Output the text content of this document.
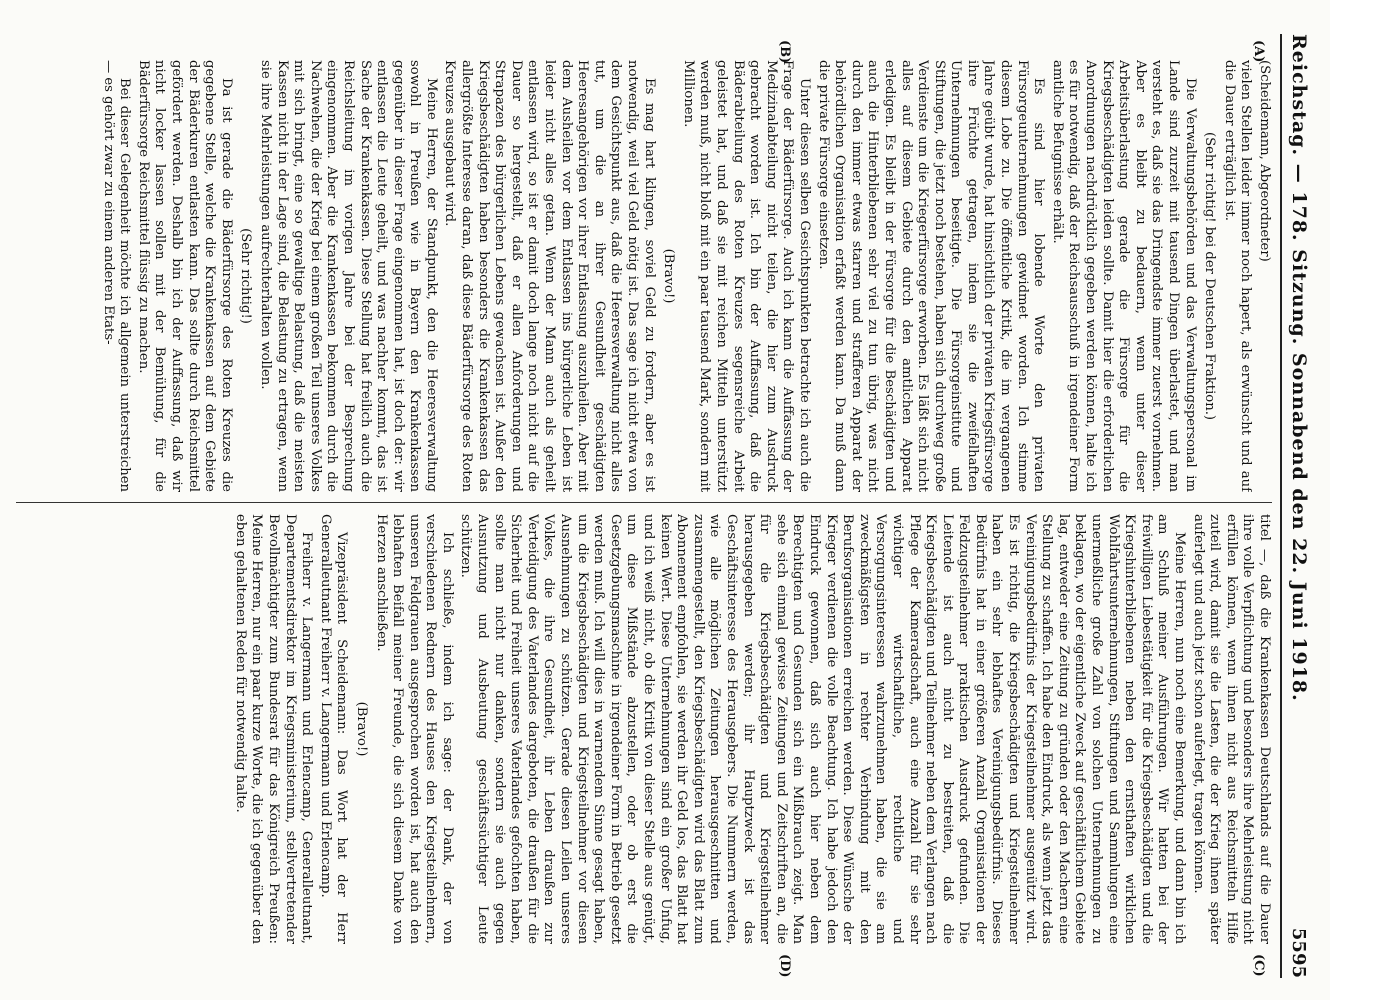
Reichstag. — 178. Sitzung. Sonnabend den 22. Juni 1918.
5595
(A)
(B)
(C)
(D)

(Scheidemann, Abgeordneter)

vielen Stellen leider immer noch hapert, als erwünscht und auf die Dauer erträglich ist.

(Sehr richtig! bei der Deutschen Fraktion.)

Die Verwaltungsbehörden und das Verwaltungspersonal im Lande sind zurzeit mit tausend Dingen überlastet, und man versteht es, daß sie das Dringendste immer zuerst vornehmen. Aber es bleibt zu bedauern, wenn unter dieser Arbeitsüberlastung gerade die Fürsorge für die Kriegsbeschädigten leiden sollte. Damit hier die erforderlichen Anordnungen nachdrücklich gegeben werden können, halte ich es für notwendig, daß der Reichsausschuß in irgendeiner Form amtliche Befugnisse erhält.

Es sind hier lobende Worte den privaten Fürsorgeunternehmungen gewidmet worden. Ich stimme diesem Lobe zu. Die öffentliche Kritik, die im vergangenen Jahre geübt wurde, hat hinsichtlich der privaten Kriegsfürsorge ihre Früchte getragen, indem sie die zweifelhaften Unternehmungen beseitigte. Die Fürsorgeinstitute und Stiftungen, die jetzt noch bestehen, haben sich durchweg große Verdienste um die Kriegerfürsorge erworben. Es läßt sich nicht alles auf diesem Gebiete durch den amtlichen Apparat erledigen. Es bleibt in der Fürsorge für die Beschädigten und auch die Hinterbliebenen sehr viel zu tun übrig, was nicht durch den immer etwas starren und strafferen Apparat der behördlichen Organisation erfaßt werden kann. Da muß dann die private Fürsorge einsetzen.

Unter diesen selben Gesichtspunkten betrachte ich auch die Frage der Bäderfürsorge. Auch ich kann die Auffassung der Medizinalabteilung nicht teilen, die hier zum Ausdruck gebracht worden ist. Ich bin der Auffassung, daß die Bäderabteilung des Roten Kreuzes segensreiche Arbeit geleistet hat, und daß sie mit reichen Mitteln unterstützt werden muß, nicht bloß mit ein paar tausend Mark, sondern mit Millionen.

(Bravo!)

Es mag hart klingen, soviel Geld zu fordern, aber es ist notwendig, weil viel Geld nötig ist. Das sage ich nicht etwa von dem Gesichtspunkt aus, daß die Heeresverwaltung nicht alles tut, um die an ihrer Gesundheit geschädigten Heeresangehörigen vor ihrer Entlassung auszuheilen. Aber mit dem Ausheilen vor dem Entlassen ins bürgerliche Leben ist leider nicht alles getan. Wenn der Mann auch als geheilt entlassen wird, so ist er damit doch lange noch nicht auf die Dauer so hergestellt, daß er allen Anforderungen und Strapazen des bürgerlichen Lebens gewachsen ist. Außer den Kriegsbeschädigten haben besonders die Krankenkassen das allergrößte Interesse daran, daß diese Bäderfürsorge des Roten Kreuzes ausgebaut wird.

Meine Herren, der Standpunkt, den die Heeresverwaltung sowohl in Preußen wie in Bayern den Krankenkassen gegenüber in dieser Frage eingenommen hat, ist doch der: wir entlassen die Leute geheilt, und was nachher kommt, das ist Sache der Krankenkassen. Diese Stellung hat freilich auch die Reichsleitung im vorigen Jahre bei der Besprechung eingenommen. Aber die Krankenkassen bekommen durch die Nachwehen, die der Krieg bei einem großen Teil unseres Volkes mit sich bringt, eine so gewaltige Belastung, daß die meisten Kassen nicht in der Lage sind, die Belastung zu ertragen, wenn sie ihre Mehrleistungen aufrechterhalten wollen.

(Sehr richtig!)

Da ist gerade die Bäderfürsorge des Roten Kreuzes die gegebene Stelle, welche die Krankenkassen auf dem Gebiete der Bäderkuren entlasten kann. Das sollte durch Reichsmittel gefördert werden. Deshalb bin ich der Auffassung, daß wir nicht locker lassen sollen mit der Bemühung, für die Bäderfürsorge Reichsmittel flüssig zu machen.

Bei dieser Gelegenheit möchte ich allgemein unterstreichen — es gehört zwar zu einem anderen Etats-

titel —, daß die Krankenkassen Deutschlands auf die Dauer ihre volle Verpflichtung und besonders ihre Mehrleistung nicht erfüllen können, wenn ihnen nicht aus Reichsmitteln Hilfe zuteil wird, damit sie die Lasten, die der Krieg ihnen später auferlegt und auch jetzt schon auferlegt, tragen können.

Meine Herren, nun noch eine Bemerkung, und dann bin ich am Schluß meiner Ausführungen. Wir hatten bei der freiwilligen Liebestätigkeit für die Kriegsbeschädigten und die Kriegshinterbliebenen neben den ernsthaften wirklichen Wohlfahrtsunternehmungen, Stiftungen und Sammlungen eine unermeßliche große Zahl von solchen Unternehmungen zu beklagen, wo der eigentliche Zweck auf geschäftlichem Gebiete lag, entweder eine Zeitung zu gründen oder den Machern eine Stellung zu schaffen. Ich habe den Eindruck, als wenn jetzt das Vereinigungsbedürfnis der Kriegsteilnehmer ausgenützt wird. Es ist richtig, die Kriegsbeschädigten und Kriegsteilnehmer haben ein sehr lebhaftes Vereinigungsbedürfnis. Dieses Bedürfnis hat in einer größeren Anzahl Organisationen der Feldzugsteilnehmer praktischen Ausdruck gefunden. Die Leitende ist auch nicht zu bestreiten, daß die Kriegsbeschädigten und Teilnehmer neben dem Verlangen nach Pflege der Kameradschaft, auch eine Anzahl für sie sehr wichtiger wirtschaftliche, rechtliche und Versorgungsinteressen wahrzunehmen haben, die sie am zweckmäßigsten in rechter Verbindung mit den Berufsorganisationen erreichen werden. Diese Wünsche der Krieger verdienen die volle Beachtung. Ich habe jedoch den Eindruck gewonnen, daß sich auch hier neben dem Berechtigten und Gesunden sich ein Mißbrauch zeigt. Man sehe sich einmal gewisse Zeitungen und Zeitschriften an, die für die Kriegsbeschädigten und Kriegsteilnehmer herausgegeben werden; ihr Hauptzweck ist das Geschäftsinteresse des Herausgebers. Die Nummern werden, wie alle möglichen Zeitungen herausgeschnitten und zusammengestellt, den Kriegsbeschädigten wird das Blatt zum Abonnement empfohlen, sie werden ihr Geld los, das Blatt hat keinen Wert. Diese Unternehmungen sind ein großer Unfug, und ich weiß nicht, ob die Kritik von dieser Stelle aus genügt, um diese Mißstände abzustellen, oder ob erst die Gesetzgebungsmaschine in irgendeiner Form in Betrieb gesetzt werden muß. Ich will dies in warnendem Sinne gesagt haben, um die Kriegsbeschädigten und Kriegsteilnehmer vor diesen Ausnehmungen zu schützen. Gerade diesen Leilen unseres Volkes, die ihre Gesundheit, ihr Leben draußen zur Verteidigung des Vaterlandes dargeboten, die draußen für die Sicherheit und Freiheit unseres Vaterlandes gefochten haben, sollte man nicht nur danken, sondern sie auch gegen Ausnutzung und Ausbeutung geschäftssüchtiger Leute schützen.

Ich schließe, indem ich sage: der Dank, der von verschiedenen Rednern des Hauses den Kriegsteilnehmern, unseren Feldgrauen ausgesprochen worden ist, hat auch den lebhaften Beifall meiner Freunde, die sich diesem Danke von Herzen anschließen.

(Bravo!)

Vizepräsident Scheidemann: Das Wort hat der Herr Generalleutnant Freiherr v. Langermann und Erlencamp.

Freiherr v. Langermann und Erlencamp, Generalleutnant, Departementsdirektor im Kriegsministerium, stellvertretender Bevollmächtigter zum Bundesrat für das Königreich Preußen: Meine Herren, nur ein paar kurze Worte, die ich gegenüber den eben gehaltenen Reden für notwendig halte.
